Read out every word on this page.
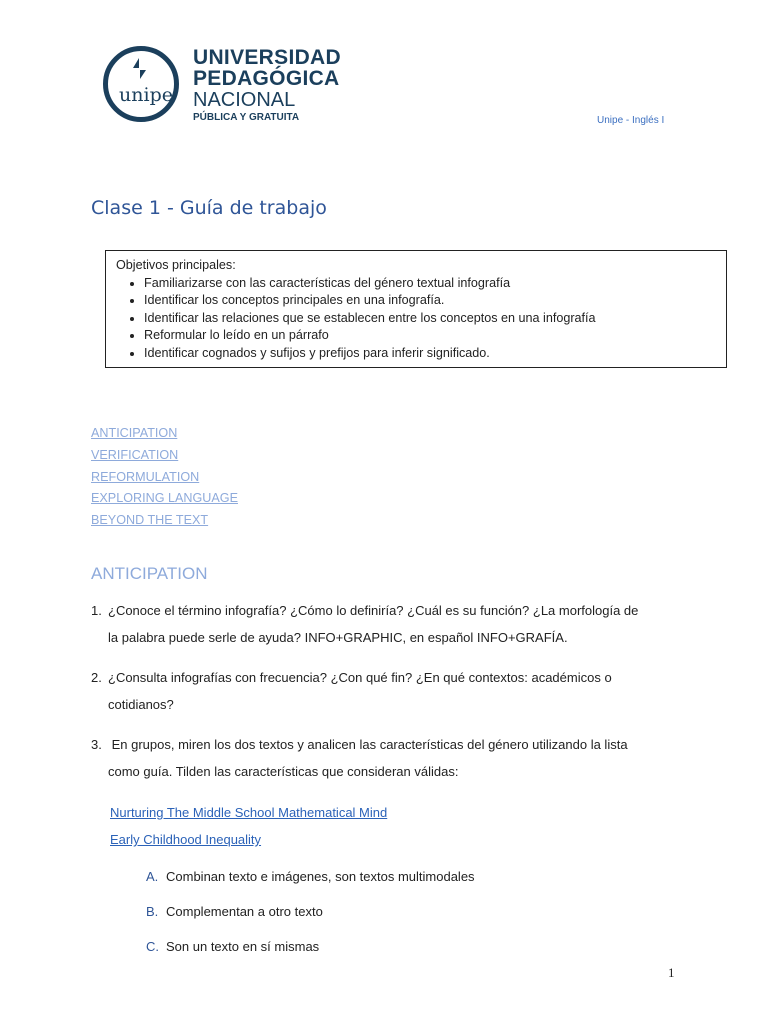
unipe
UNIVERSIDAD
PEDAGÓGICA
NACIONAL
PÚBLICA Y GRATUITA	Unipe - Inglés I
Clase 1 - Guía de trabajo
Objetivos principales:
• Familiarizarse con las características del género textual infografía
• Identificar los conceptos principales en una infografía.
• Identificar las relaciones que se establecen entre los conceptos en una infografía
• Reformular lo leído en un párrafo
• Identificar cognados y sufijos y prefijos para inferir significado.
ANTICIPATION
VERIFICATION
REFORMULATION
EXPLORING LANGUAGE
BEYOND THE TEXT
ANTICIPATION
1. ¿Conoce el término infografía? ¿Cómo lo definiría? ¿Cuál es su función? ¿La morfología de
la palabra puede serle de ayuda? INFO+GRAPHIC, en español INFO+GRAFÍA.
2. ¿Consulta infografías con frecuencia? ¿Con qué fin? ¿En qué contextos: académicos o
cotidianos?
3. En grupos, miren los dos textos y analicen las características del género utilizando la lista
como guía. Tilden las características que consideran válidas:
Nurturing The Middle School Mathematical Mind
Early Childhood Inequality
A. Combinan texto e imágenes, son textos multimodales
B. Complementan a otro texto
C. Son un texto en sí mismas
1
